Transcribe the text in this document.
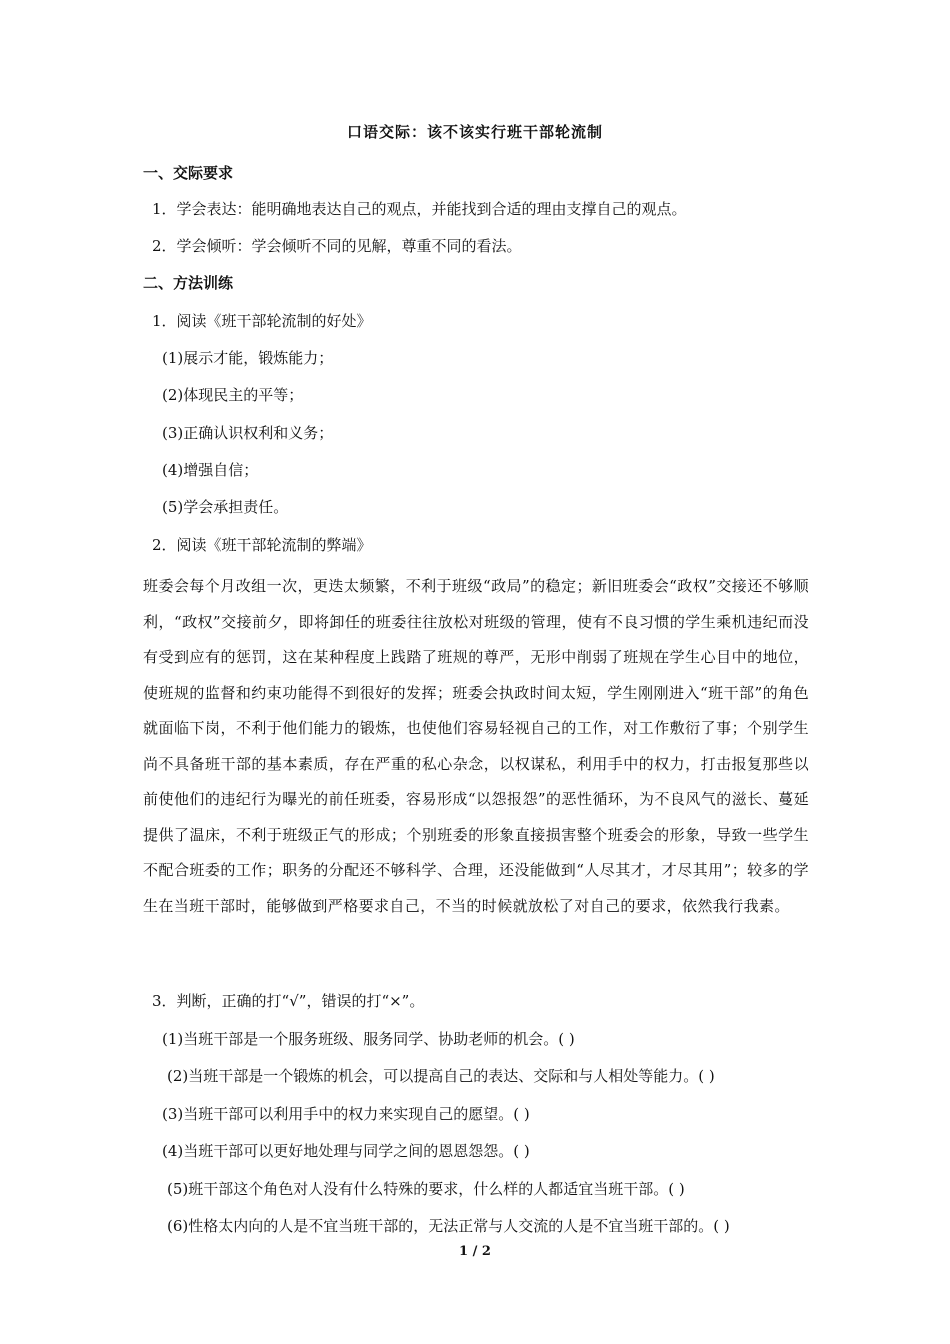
口语交际：该不该实行班干部轮流制
一、交际要求
1．学会表达：能明确地表达自己的观点，并能找到合适的理由支撑自己的观点。
2．学会倾听：学会倾听不同的见解，尊重不同的看法。
二、方法训练
1．阅读《班干部轮流制的好处》
(1)展示才能，锻炼能力；
(2)体现民主的平等；
(3)正确认识权利和义务；
(4)增强自信；
(5)学会承担责任。
2．阅读《班干部轮流制的弊端》
班委会每个月改组一次，更迭太频繁，不利于班级“政局”的稳定；新旧班委会“政权”交接还不够顺利，“政权”交接前夕，即将卸任的班委往往放松对班级的管理，使有不良习惯的学生乘机违纪而没有受到应有的惩罚，这在某种程度上践踏了班规的尊严，无形中削弱了班规在学生心目中的地位，使班规的监督和约束功能得不到很好的发挥；班委会执政时间太短，学生刚刚进入“班干部”的角色就面临下岗，不利于他们能力的锻炼，也使他们容易轻视自己的工作，对工作敷衍了事；个别学生尚不具备班干部的基本素质，存在严重的私心杂念，以权谋私，利用手中的权力，打击报复那些以前使他们的违纪行为曝光的前任班委，容易形成“以怨报怨”的恶性循环，为不良风气的滋长、蔓延提供了温床，不利于班级正气的形成；个别班委的形象直接损害整个班委会的形象，导致一些学生不配合班委的工作；职务的分配还不够科学、合理，还没能做到“人尽其才，才尽其用”；较多的学生在当班干部时，能够做到严格要求自己，不当的时候就放松了对自己的要求，依然我行我素。
3．判断，正确的打“√”，错误的打“×”。
(1)当班干部是一个服务班级、服务同学、协助老师的机会。( )
(2)当班干部是一个锻炼的机会，可以提高自己的表达、交际和与人相处等能力。( )
(3)当班干部可以利用手中的权力来实现自己的愿望。( )
(4)当班干部可以更好地处理与同学之间的恩恩怨怨。( )
(5)班干部这个角色对人没有什么特殊的要求，什么样的人都适宜当班干部。( )
(6)性格太内向的人是不宜当班干部的，无法正常与人交流的人是不宜当班干部的。( )
1 / 2
